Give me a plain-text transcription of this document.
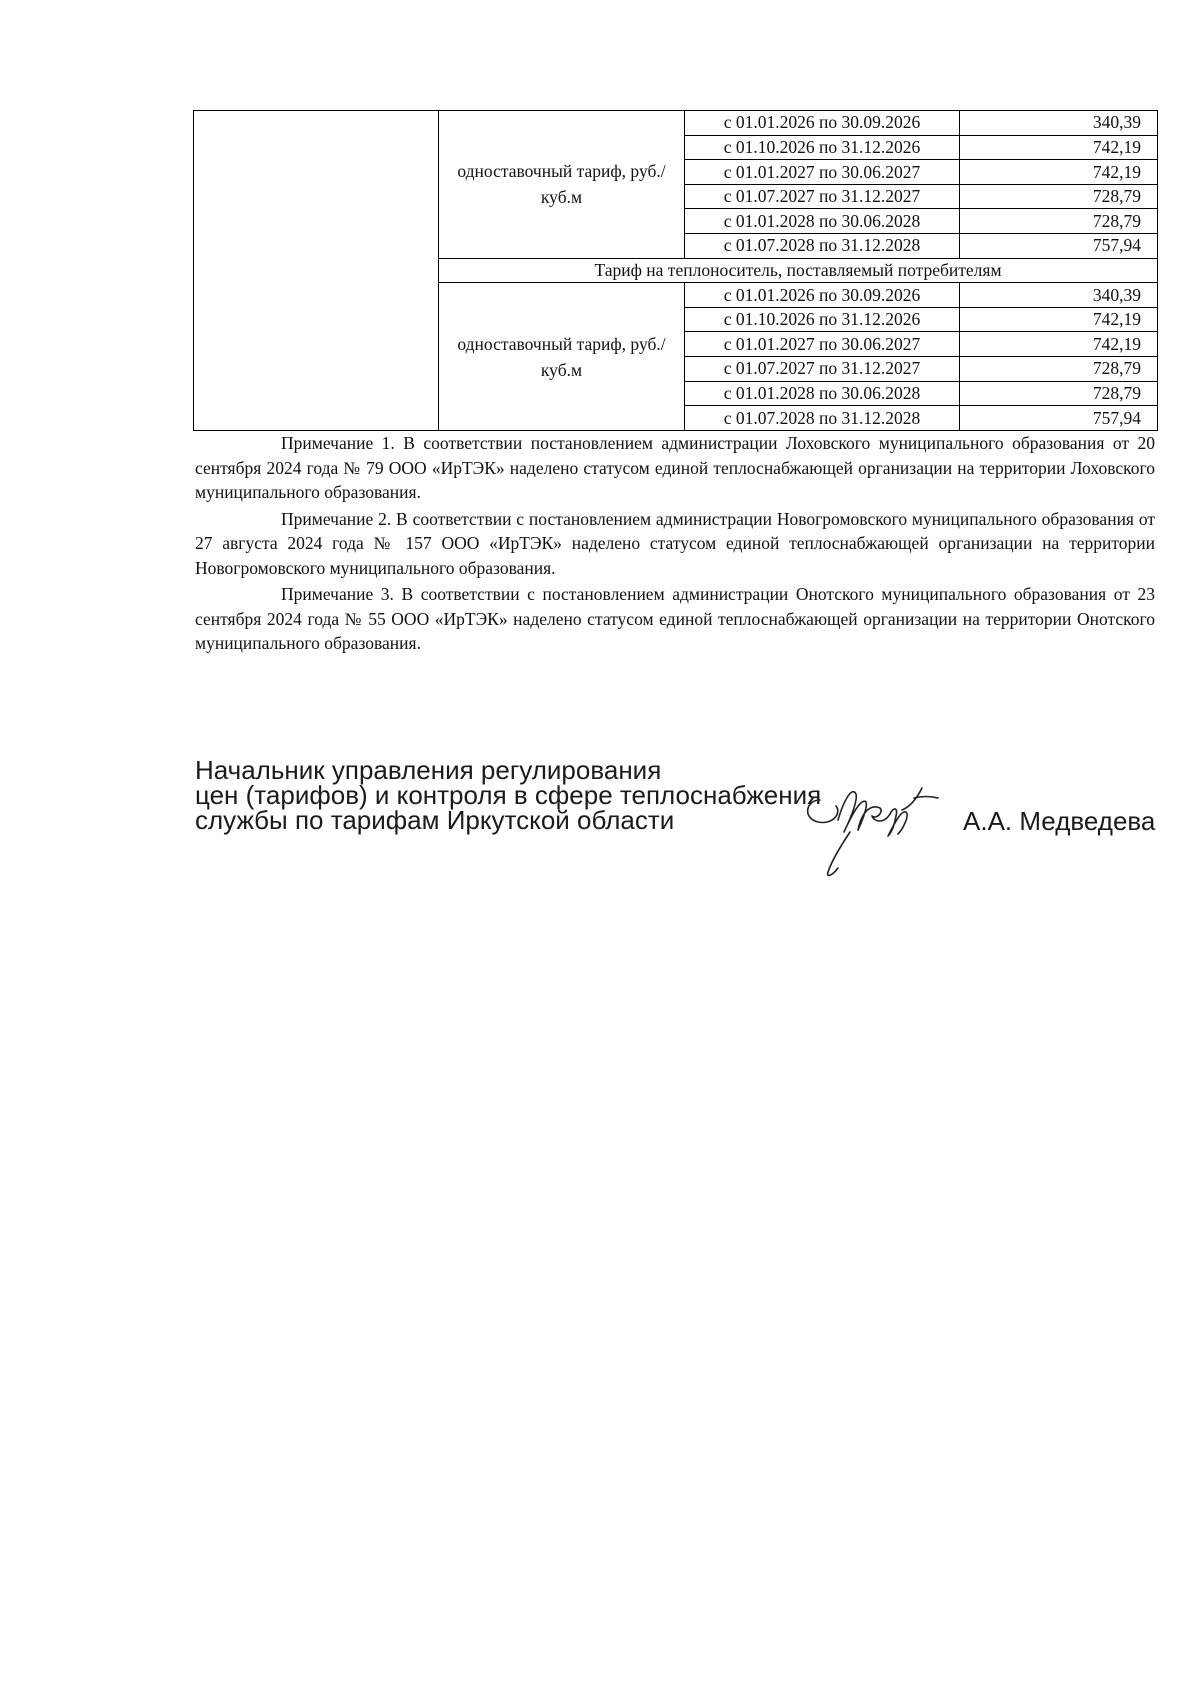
	одноставочный тариф, руб./куб.м	с 01.01.2026 по 30.09.2026	340,39
		с 01.10.2026 по 31.12.2026	742,19
		с 01.01.2027 по 30.06.2027	742,19
		с 01.07.2027 по 31.12.2027	728,79
		с 01.01.2028 по 30.06.2028	728,79
		с 01.07.2028 по 31.12.2028	757,94
	Тариф на теплоноситель, поставляемый потребителям		
	одноставочный тариф, руб./куб.м	с 01.01.2026 по 30.09.2026	340,39
		с 01.10.2026 по 31.12.2026	742,19
		с 01.01.2027 по 30.06.2027	742,19
		с 01.07.2027 по 31.12.2027	728,79
		с 01.01.2028 по 30.06.2028	728,79
		с 01.07.2028 по 31.12.2028	757,94

Примечание 1. В соответствии постановлением администрации Лоховского муниципального образования от 20 сентября 2024 года № 79 ООО «ИрТЭК» наделено статусом единой теплоснабжающей организации на территории Лоховского муниципального образования.

Примечание 2. В соответствии с постановлением администрации Новогромовского муниципального образования от 27 августа 2024 года № 157 ООО «ИрТЭК» наделено статусом единой теплоснабжающей организации на территории Новогромовского муниципального образования.

Примечание 3. В соответствии с постановлением администрации Онотского муниципального образования от 23 сентября 2024 года № 55 ООО «ИрТЭК» наделено статусом единой теплоснабжающей организации на территории Онотского муниципального образования.

Начальник управления регулирования
цен (тарифов) и контроля в сфере теплоснабжения
службы по тарифам Иркутской области	А.А. Медведева
